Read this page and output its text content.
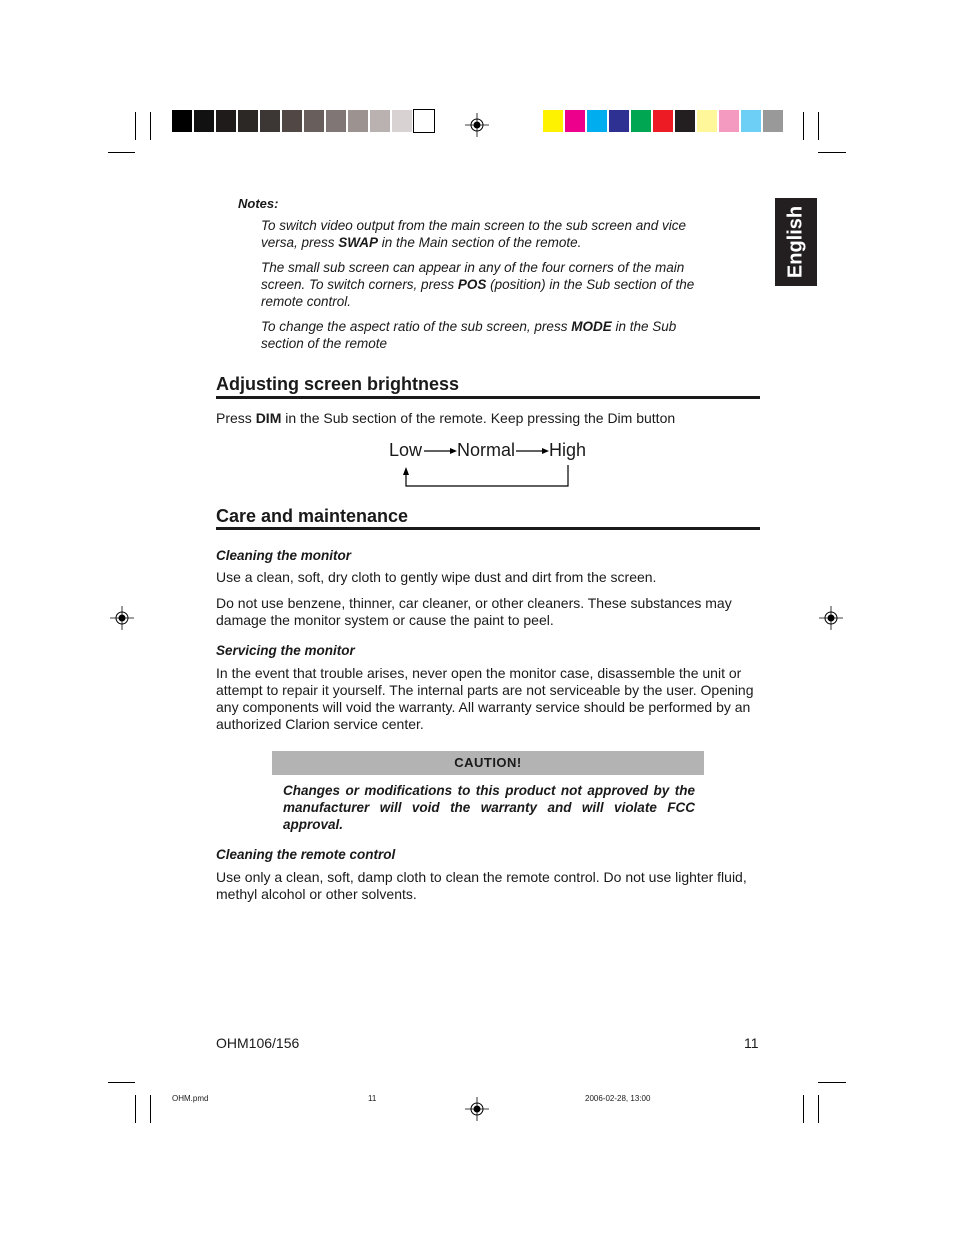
English
Notes:
To switch video output from the main screen to the sub screen and vice versa, press SWAP in the Main section of the remote.
The small sub screen can appear in any of the four corners of the main screen. To switch corners, press POS (position) in the Sub section of the remote control.
To change the aspect ratio of the sub screen, press MODE in the Sub section of the remote
Adjusting screen brightness
Press DIM in the Sub section of the remote. Keep pressing the Dim button
Low Normal High
Care and maintenance
Cleaning the monitor
Use a clean, soft, dry cloth to gently wipe dust and dirt from the screen.
Do not use benzene, thinner, car cleaner, or other cleaners. These substances may damage the monitor system or cause the paint to peel.
Servicing the monitor
In the event that trouble arises, never open the monitor case, disassemble the unit or attempt to repair it yourself. The internal parts are not serviceable by the user. Opening any components will void the warranty. All warranty service should be performed by an authorized Clarion service center.
CAUTION!
Changes or modifications to this product not approved by the manufacturer will void the warranty and will violate FCC approval.
Cleaning the remote control
Use only a clean, soft, damp cloth to clean the remote control. Do not use lighter fluid, methyl alcohol or other solvents.
OHM106/156	11
OHM.pmd	11	2006-02-28, 13:00
